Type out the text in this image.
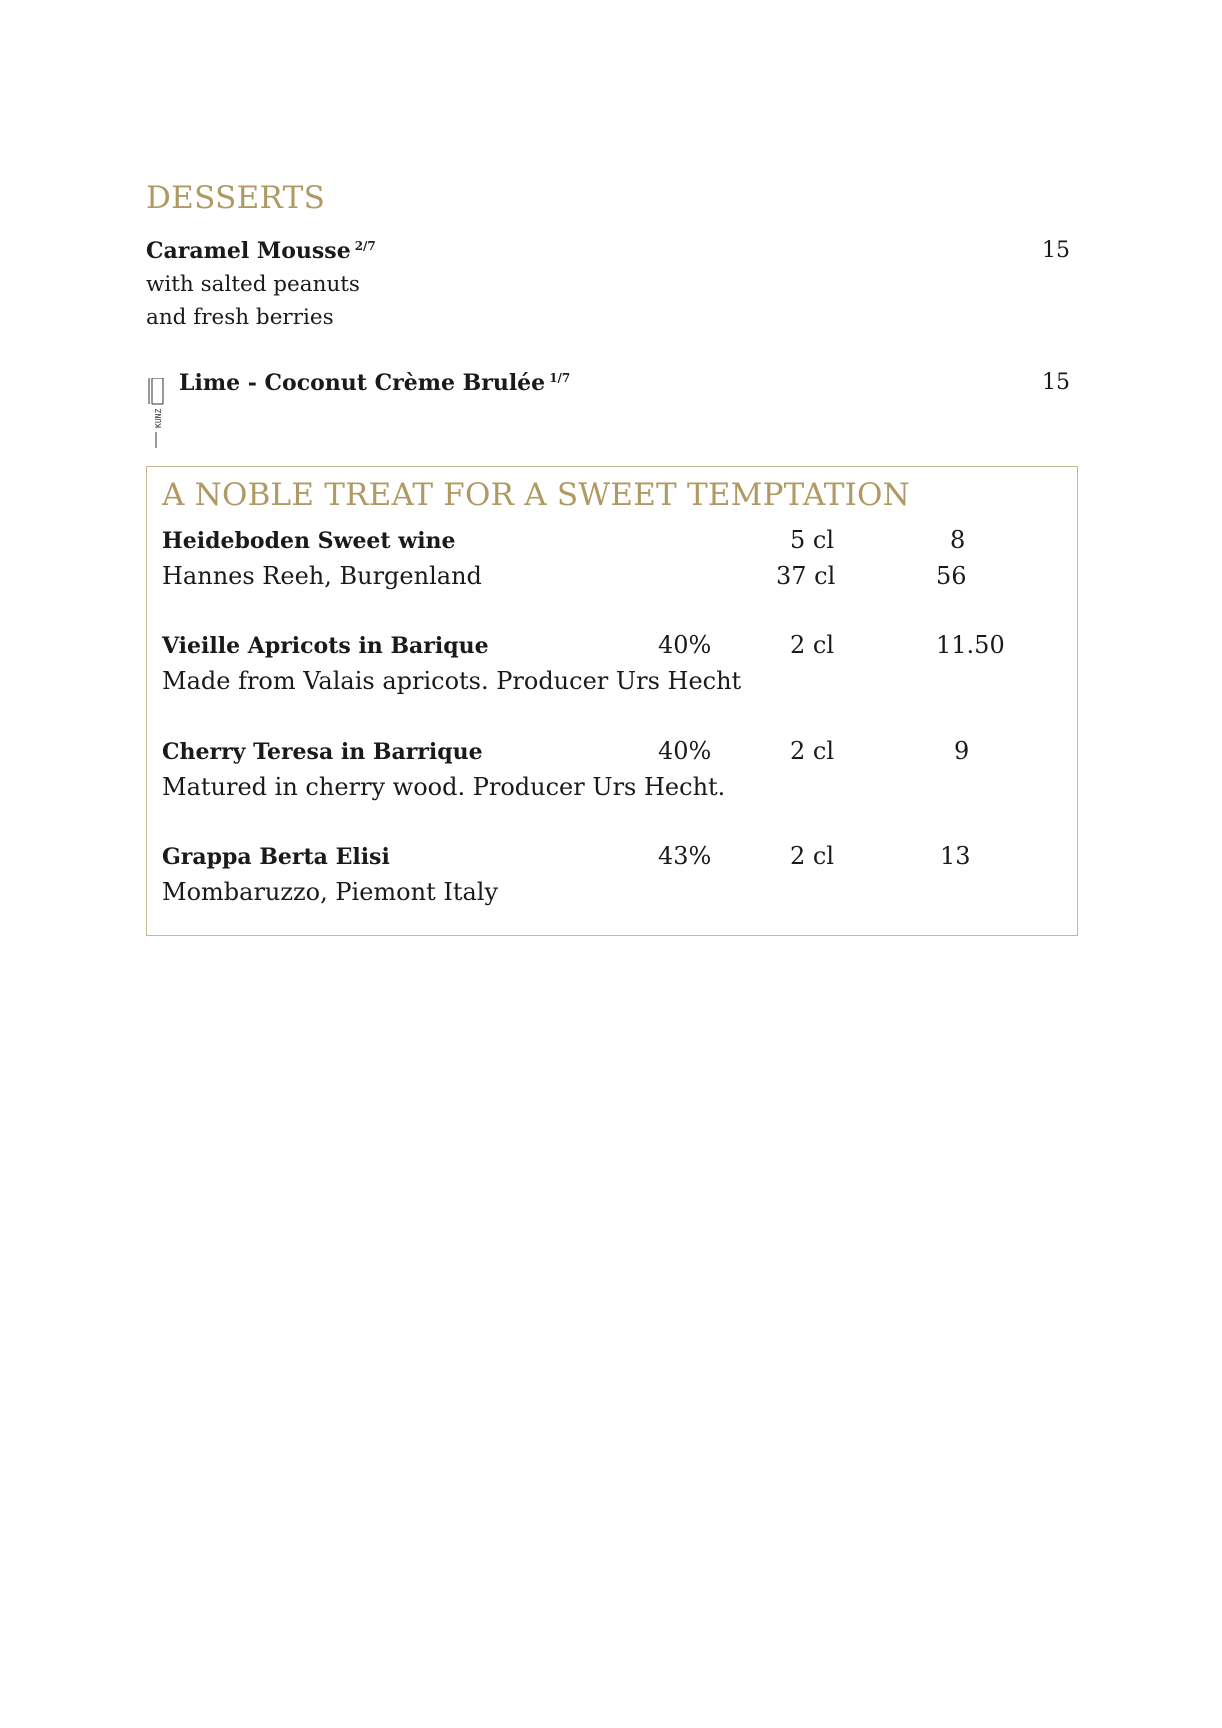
DESSERTS
Caramel Mousse $^{2/7}$	15
with salted peanuts
and fresh berries
KUNZ
Lime - Coconut Crème Brulée $^{1/7}$	15
A NOBLE TREAT FOR A SWEET TEMPTATION
Heideboden Sweet wine	5 cl	8
Hannes Reeh, Burgenland	37 cl	56
Vieille Apricots in Barique	40%	2 cl	11.50
Made from Valais apricots. Producer Urs Hecht
Cherry Teresa in Barrique	40%	2 cl	9
Matured in cherry wood. Producer Urs Hecht.
Grappa Berta Elisi	43%	2 cl	13
Mombaruzzo, Piemont Italy
